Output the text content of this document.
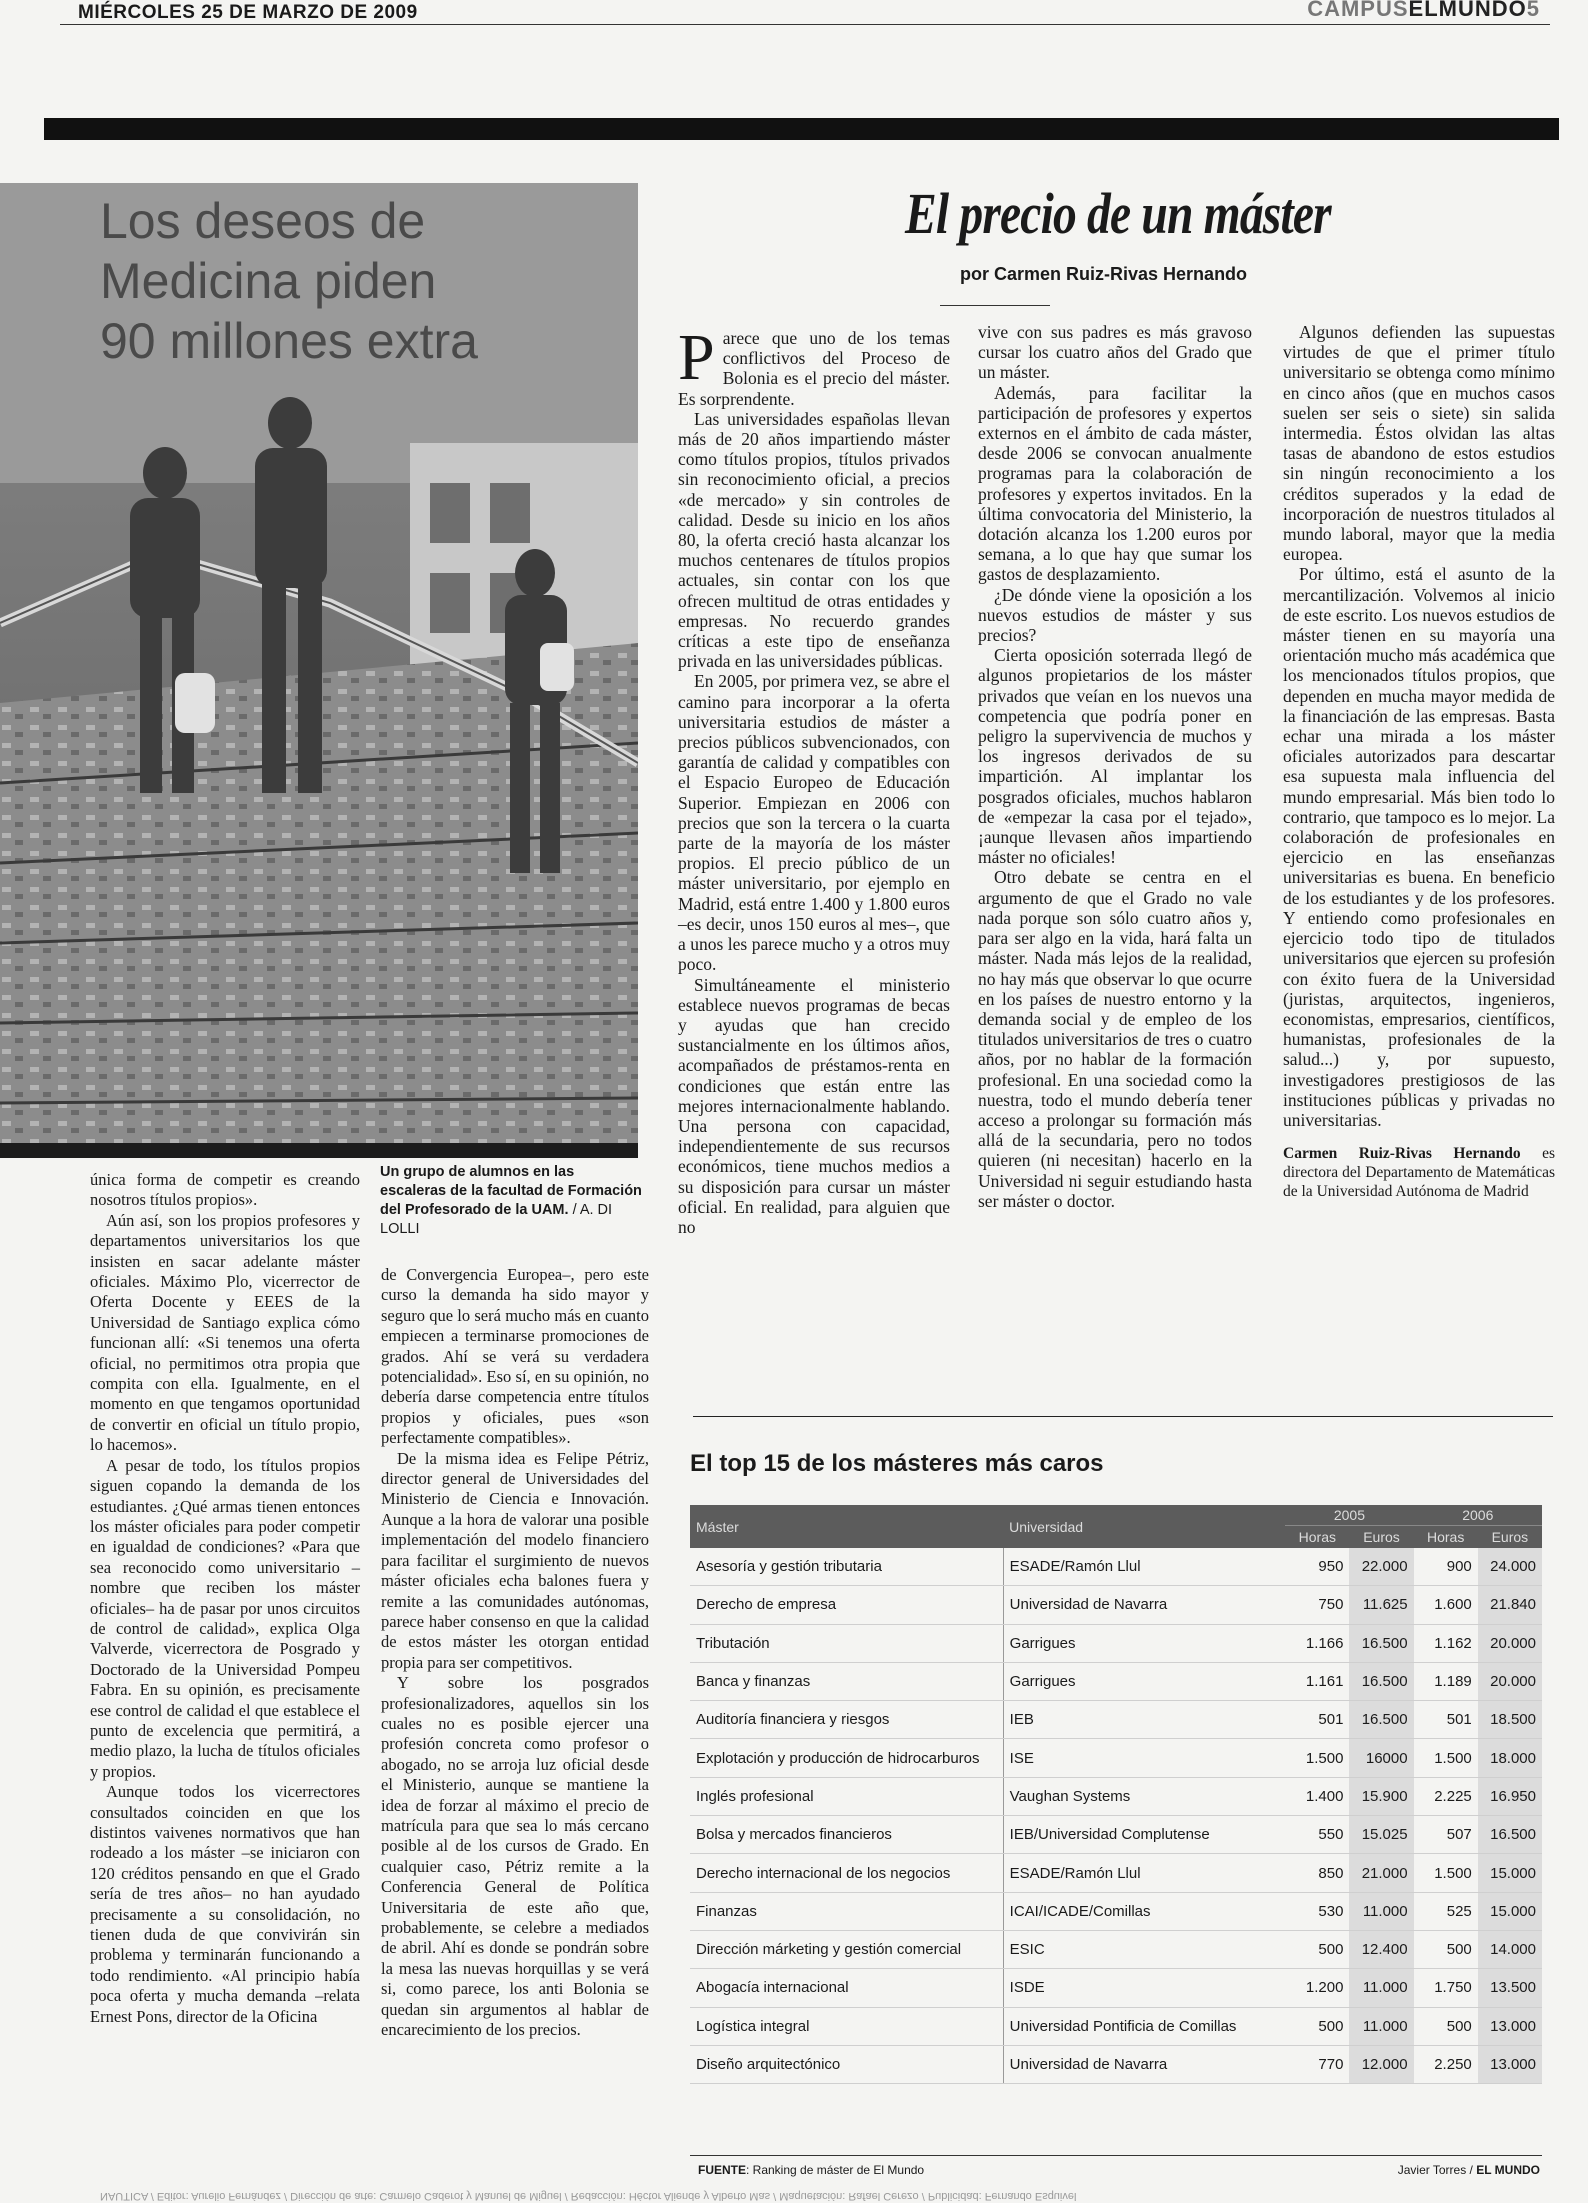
MIÉRCOLES 25 DE MARZO DE 2009	CAMPUSELMUNDO5
Los deseos de
Medicina piden
90 millones extra
Un grupo de alumnos en las escaleras de la facultad de Formación del Profesorado de la UAM. / A. DI LOLLI
El precio de un máster
por Carmen Ruiz-Rivas Hernando

Parece que uno de los temas conflictivos del Proceso de Bolonia es el precio del máster. Es sorprendente.

Las universidades españolas llevan más de 20 años impartiendo máster como títulos propios, títulos privados sin reconocimiento oficial, a precios «de mercado» y sin controles de calidad. Desde su inicio en los años 80, la oferta creció hasta alcanzar los muchos centenares de títulos propios actuales, sin contar con los que ofrecen multitud de otras entidades y empresas. No recuerdo grandes críticas a este tipo de enseñanza privada en las universidades públicas.

En 2005, por primera vez, se abre el camino para incorporar a la oferta universitaria estudios de máster a precios públicos subvencionados, con garantía de calidad y compatibles con el Espacio Europeo de Educación Superior. Empiezan en 2006 con precios que son la tercera o la cuarta parte de la mayoría de los máster propios. El precio público de un máster universitario, por ejemplo en Madrid, está entre 1.400 y 1.800 euros –es decir, unos 150 euros al mes–, que a unos les parece mucho y a otros muy poco.

Simultáneamente el ministerio establece nuevos programas de becas y ayudas que han crecido sustancialmente en los últimos años, acompañados de préstamos-renta en condiciones que están entre las mejores internacionalmente hablando. Una persona con capacidad, independientemente de sus recursos económicos, tiene muchos medios a su disposición para cursar un máster oficial. En realidad, para alguien que no

vive con sus padres es más gravoso cursar los cuatro años del Grado que un máster.

Además, para facilitar la participación de profesores y expertos externos en el ámbito de cada máster, desde 2006 se convocan anualmente programas para la colaboración de profesores y expertos invitados. En la última convocatoria del Ministerio, la dotación alcanza los 1.200 euros por semana, a lo que hay que sumar los gastos de desplazamiento.

¿De dónde viene la oposición a los nuevos estudios de máster y sus precios?

Cierta oposición soterrada llegó de algunos propietarios de los máster privados que veían en los nuevos una competencia que podría poner en peligro la supervivencia de muchos y los ingresos derivados de su impartición. Al implantar los posgrados oficiales, muchos hablaron de «empezar la casa por el tejado», ¡aunque llevasen años impartiendo máster no oficiales!

Otro debate se centra en el argumento de que el Grado no vale nada porque son sólo cuatro años y, para ser algo en la vida, hará falta un máster. Nada más lejos de la realidad, no hay más que observar lo que ocurre en los países de nuestro entorno y la demanda social y de empleo de los titulados universitarios de tres o cuatro años, por no hablar de la formación profesional. En una sociedad como la nuestra, todo el mundo debería tener acceso a prolongar su formación más allá de la secundaria, pero no todos quieren (ni necesitan) hacerlo en la Universidad ni seguir estudiando hasta ser máster o doctor.

Algunos defienden las supuestas virtudes de que el primer título universitario se obtenga como mínimo en cinco años (que en muchos casos suelen ser seis o siete) sin salida intermedia. Éstos olvidan las altas tasas de abandono de estos estudios sin ningún reconocimiento a los créditos superados y la edad de incorporación de nuestros titulados al mundo laboral, mayor que la media europea.

Por último, está el asunto de la mercantilización. Volvemos al inicio de este escrito. Los nuevos estudios de máster tienen en su mayoría una orientación mucho más académica que los mencionados títulos propios, que dependen en mucha mayor medida de la financiación de las empresas. Basta echar una mirada a los máster oficiales autorizados para descartar esa supuesta mala influencia del mundo empresarial. Más bien todo lo contrario, que tampoco es lo mejor. La colaboración de profesionales en ejercicio en las enseñanzas universitarias es buena. En beneficio de los estudiantes y de los profesores. Y entiendo como profesionales en ejercicio todo tipo de titulados universitarios que ejercen su profesión con éxito fuera de la Universidad (juristas, arquitectos, ingenieros, economistas, empresarios, científicos, humanistas, profesionales de la salud...) y, por supuesto, investigadores prestigiosos de las instituciones públicas y privadas no universitarias.

Carmen Ruiz-Rivas Hernando es directora del Departamento de Matemáticas de la Universidad Autónoma de Madrid

única forma de competir es creando nosotros títulos propios».

Aún así, son los propios profesores y departamentos universitarios los que insisten en sacar adelante máster oficiales. Máximo Plo, vicerrector de Oferta Docente y EEES de la Universidad de Santiago explica cómo funcionan allí: «Si tenemos una oferta oficial, no permitimos otra propia que compita con ella. Igualmente, en el momento en que tengamos oportunidad de convertir en oficial un título propio, lo hacemos».

A pesar de todo, los títulos propios siguen copando la demanda de los estudiantes. ¿Qué armas tienen entonces los máster oficiales para poder competir en igualdad de condiciones? «Para que sea reconocido como universitario –nombre que reciben los máster oficiales– ha de pasar por unos circuitos de control de calidad», explica Olga Valverde, vicerrectora de Posgrado y Doctorado de la Universidad Pompeu Fabra. En su opinión, es precisamente ese control de calidad el que establece el punto de excelencia que permitirá, a medio plazo, la lucha de títulos oficiales y propios.

Aunque todos los vicerrectores consultados coinciden en que los distintos vaivenes normativos que han rodeado a los máster –se iniciaron con 120 créditos pensando en que el Grado sería de tres años– no han ayudado precisamente a su consolidación, no tienen duda de que convivirán sin problema y terminarán funcionando a todo rendimiento. «Al principio había poca oferta y mucha demanda –relata Ernest Pons, director de la Oficina

de Convergencia Europea–, pero este curso la demanda ha sido mayor y seguro que lo será mucho más en cuanto empiecen a terminarse promociones de grados. Ahí se verá su verdadera potencialidad». Eso sí, en su opinión, no debería darse competencia entre títulos propios y oficiales, pues «son perfectamente compatibles».

De la misma idea es Felipe Pétriz, director general de Universidades del Ministerio de Ciencia e Innovación. Aunque a la hora de valorar una posible implementación del modelo financiero para facilitar el surgimiento de nuevos máster oficiales echa balones fuera y remite a las comunidades autónomas, parece haber consenso en que la calidad de estos máster les otorgan entidad propia para ser competitivos.

Y sobre los posgrados profesionalizadores, aquellos sin los cuales no es posible ejercer una profesión concreta como profesor o abogado, no se arroja luz oficial desde el Ministerio, aunque se mantiene la idea de forzar al máximo el precio de matrícula para que sea lo más cercano posible al de los cursos de Grado. En cualquier caso, Pétriz remite a la Conferencia General de Política Universitaria de este año que, probablemente, se celebre a mediados de abril. Ahí es donde se pondrán sobre la mesa las nuevas horquillas y se verá si, como parece, los anti Bolonia se quedan sin argumentos al hablar de encarecimiento de los precios.

El top 15 de los másteres más caros
Máster	Universidad	2005		2006	
		Horas	Euros	Horas	Euros
Asesoría y gestión tributaria	ESADE/Ramón Llul	950	22.000	900	24.000
Derecho de empresa	Universidad de Navarra	750	11.625	1.600	21.840
Tributación	Garrigues	1.166	16.500	1.162	20.000
Banca y finanzas	Garrigues	1.161	16.500	1.189	20.000
Auditoría financiera y riesgos	IEB	501	16.500	501	18.500
Explotación y producción de hidrocarburos	ISE	1.500	16000	1.500	18.000
Inglés profesional	Vaughan Systems	1.400	15.900	2.225	16.950
Bolsa y mercados financieros	IEB/Universidad Complutense	550	15.025	507	16.500
Derecho internacional de los negocios	ESADE/Ramón Llul	850	21.000	1.500	15.000
Finanzas	ICAI/ICADE/Comillas	530	11.000	525	15.000
Dirección márketing y gestión comercial	ESIC	500	12.400	500	14.000
Abogacía internacional	ISDE	1.200	11.000	1.750	13.500
Logística integral	Universidad Pontificia de Comillas	500	11.000	500	13.000
Diseño arquitectónico	Universidad de Navarra	770	12.000	2.250	13.000
FUENTE: Ranking de máster de El Mundo	Javier Torres / EL MUNDO
NAUTICA / Editor: Aurelio Fernández / Dirección de arte: Carmelo Caderot y Manuel de Miguel / Redacción: Héctor Aliende y Alberto Mas / Maquetación: Rafael Cerezo / Publicidad: Fernando Esquivel
